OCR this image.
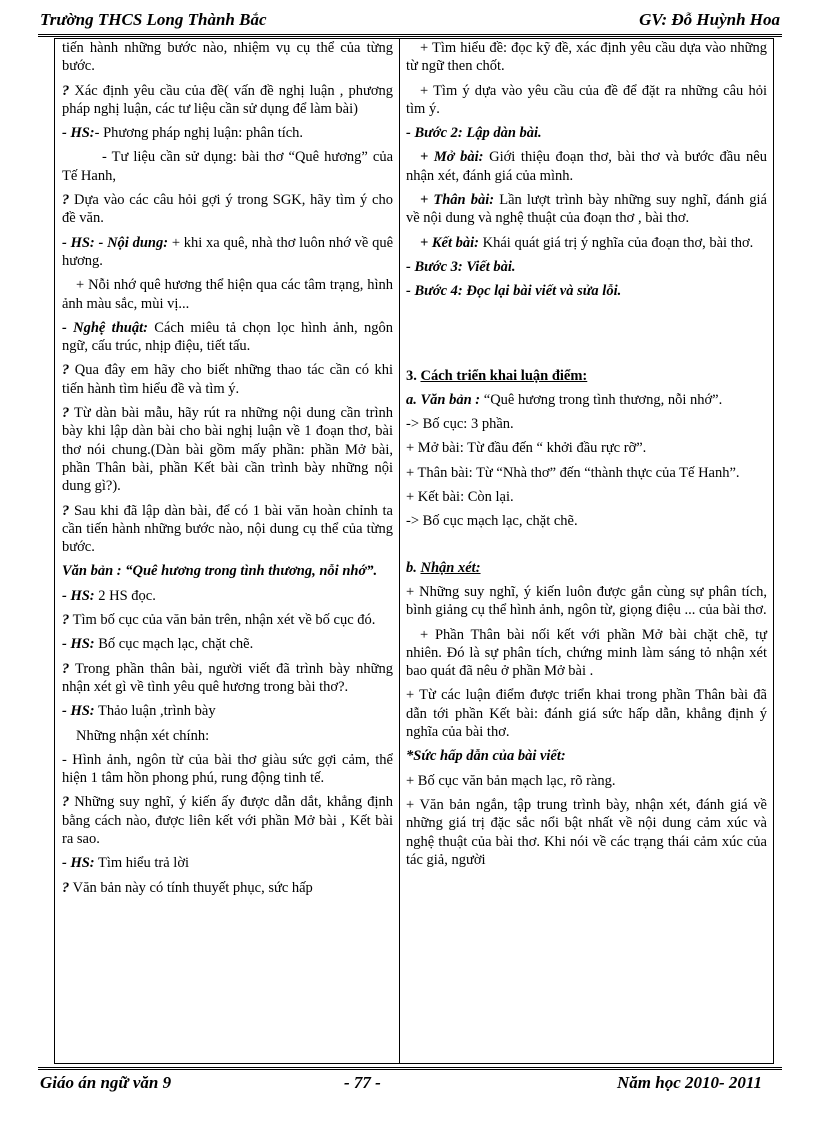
Trường THCS Long Thành Bắc	GV: Đỗ Huỳnh Hoa

tiến hành những bước nào, nhiệm vụ cụ thể của từng bước.

? Xác định yêu cầu của đề( vấn đề nghị luận , phương pháp nghị luận, các tư liệu cần sử dụng để làm bài)

- HS:- Phương pháp nghị luận: phân tích.

- Tư liệu cần sử dụng: bài thơ “Quê hương” của Tế Hanh,

? Dựa vào các câu hỏi gợi ý trong SGK, hãy tìm ý cho đề văn.

- HS: - Nội dung: + khi xa quê, nhà thơ luôn nhớ về quê hương.

+ Nỗi nhớ quê hương thể hiện qua các tâm trạng, hình ảnh màu sắc, mùi vị...

- Nghệ thuật: Cách miêu tả chọn lọc hình ảnh, ngôn ngữ, cấu trúc, nhịp điệu, tiết tấu.

? Qua đây em hãy cho biết những thao tác cần có khi tiến hành tìm hiểu đề và tìm ý.

? Từ dàn bài mẫu, hãy rút ra những nội dung cần trình bày khi lập dàn bài cho bài nghị luận về 1 đoạn thơ, bài thơ nói chung.(Dàn bài gồm mấy phần: phần Mở bài, phần Thân bài, phần Kết bài cần trình bày những nội dung gì?).

? Sau khi đã lập dàn bài, để có 1 bài văn hoàn chỉnh ta cần tiến hành những bước nào, nội dung cụ thể của từng bước.

Văn bản : “Quê hương trong tình thương, nỗi nhớ”.

- HS: 2 HS đọc.

? Tìm bố cục của văn bản trên, nhận xét về bố cục đó.

- HS: Bố cục mạch lạc, chặt chẽ.

? Trong phần thân bài, người viết đã trình bày những nhận xét gì về tình yêu quê hương trong bài thơ?.

- HS: Thảo luận ,trình bày

Những nhận xét chính:

- Hình ảnh, ngôn từ của bài thơ giàu sức gợi cảm, thể hiện 1 tâm hồn phong phú, rung động tinh tế.

? Những suy nghĩ, ý kiến ấy được dẫn dắt, khẳng định bằng cách nào, được liên kết với phần Mở bài , Kết bài ra sao.

- HS: Tìm hiểu trả lời

? Văn bản này có tính thuyết phục, sức hấp

+ Tìm hiểu đề: đọc kỹ đề, xác định yêu cầu dựa vào những từ ngữ then chốt.

+ Tìm ý dựa vào yêu cầu của đề để đặt ra những câu hỏi tìm ý.

- Bước 2: Lập dàn bài.

+ Mở bài: Giới thiệu đoạn thơ, bài thơ và bước đầu nêu nhận xét, đánh giá của mình.

+ Thân bài: Lần lượt trình bày những suy nghĩ, đánh giá về nội dung và nghệ thuật của đoạn thơ , bài thơ.

+ Kết bài: Khái quát giá trị ý nghĩa của đoạn thơ, bài thơ.

- Bước 3: Viết bài.

- Bước 4: Đọc lại bài viết và sửa lỗi.

3. Cách triển khai luận điểm:

a. Văn bản : “Quê hương trong tình thương, nỗi nhớ”.

-> Bố cục: 3 phần.

+ Mở bài: Từ đầu đến “ khởi đầu rực rỡ”.

+ Thân bài: Từ “Nhà thơ” đến “thành thực của Tế Hanh”.

+ Kết bài: Còn lại.

-> Bố cục mạch lạc, chặt chẽ.

b. Nhận xét:

+ Những suy nghĩ, ý kiến luôn được gắn cùng sự phân tích, bình giảng cụ thể hình ảnh, ngôn từ, giọng điệu ... của bài thơ.

+ Phần Thân bài nối kết với phần Mở bài chặt chẽ, tự nhiên. Đó là sự phân tích, chứng minh làm sáng tỏ nhận xét bao quát đã nêu ở phần Mở bài .

+ Từ các luận điểm được triển khai trong phần Thân bài đã dẫn tới phần Kết bài: đánh giá sức hấp dẫn, khẳng định ý nghĩa của bài thơ.

*Sức hấp dẫn của bài viết:

+ Bố cục văn bản mạch lạc, rõ ràng.

+ Văn bản ngắn, tập trung trình bày, nhận xét, đánh giá về những giá trị đặc sắc nổi bật nhất về nội dung cảm xúc và nghệ thuật của bài thơ. Khi nói về các trạng thái cảm xúc của tác giả, người

Giáo án ngữ văn 9	- 77 -	Năm học 2010- 2011
